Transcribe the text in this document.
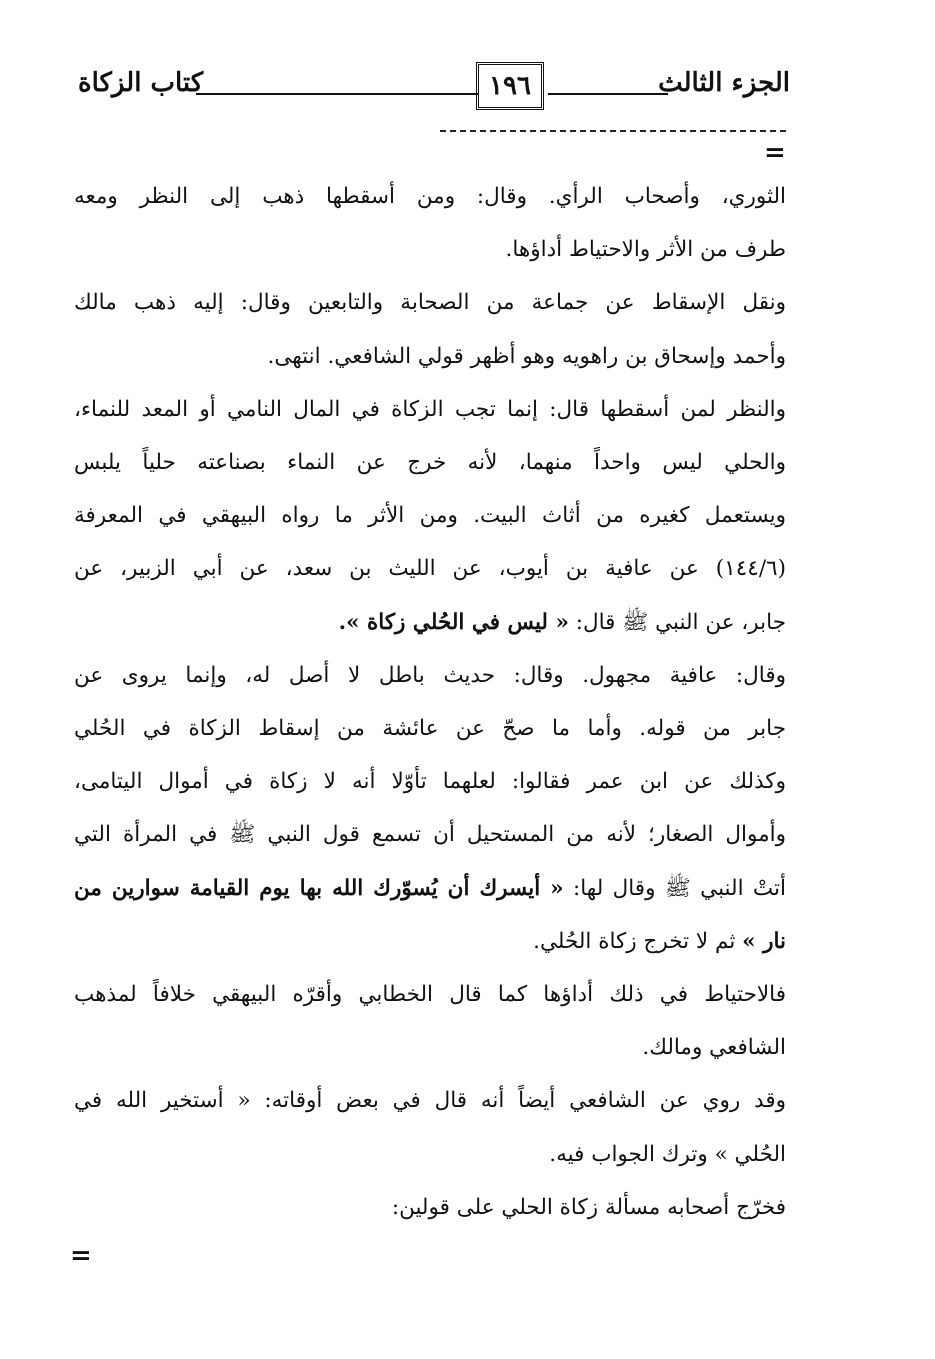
الجزء الثالث
١٩٦
كتاب الزكاة
=

الثوري، وأصحاب الرأي. وقال: ومن أسقطها ذهب إلى النظر ومعه

طرف من الأثر والاحتياط أداؤها.

ونقل الإسقاط عن جماعة من الصحابة والتابعين وقال: إليه ذهب مالك

وأحمد وإسحاق بن راهويه وهو أظهر قولي الشافعي. انتهى.

والنظر لمن أسقطها قال: إنما تجب الزكاة في المال النامي أو المعد للنماء،

والحلي ليس واحداً منهما، لأنه خرج عن النماء بصناعته حلياً يلبس

ويستعمل كغيره من أثاث البيت. ومن الأثر ما رواه البيهقي في المعرفة

(١٤٤/٦) عن عافية بن أيوب، عن الليث بن سعد، عن أبي الزبير، عن

جابر، عن النبي ﷺ قال: « ليس في الحُلي زكاة ».

وقال: عافية مجهول. وقال: حديث باطل لا أصل له، وإنما يروى عن

جابر من قوله. وأما ما صحّ عن عائشة من إسقاط الزكاة في الحُلي

وكذلك عن ابن عمر فقالوا: لعلهما تأوّلا أنه لا زكاة في أموال اليتامى،

وأموال الصغار؛ لأنه من المستحيل أن تسمع قول النبي ﷺ في المرأة التي

أتتْ النبي ﷺ وقال لها: « أيسرك أن يُسوّرك الله بها يوم القيامة سوارين من

نار » ثم لا تخرج زكاة الحُلي.

فالاحتياط في ذلك أداؤها كما قال الخطابي وأقرّه البيهقي خلافاً لمذهب

الشافعي ومالك.

وقد روي عن الشافعي أيضاً أنه قال في بعض أوقاته: « أستخير الله في

الحُلي » وترك الجواب فيه.

فخرّج أصحابه مسألة زكاة الحلي على قولين:

=
